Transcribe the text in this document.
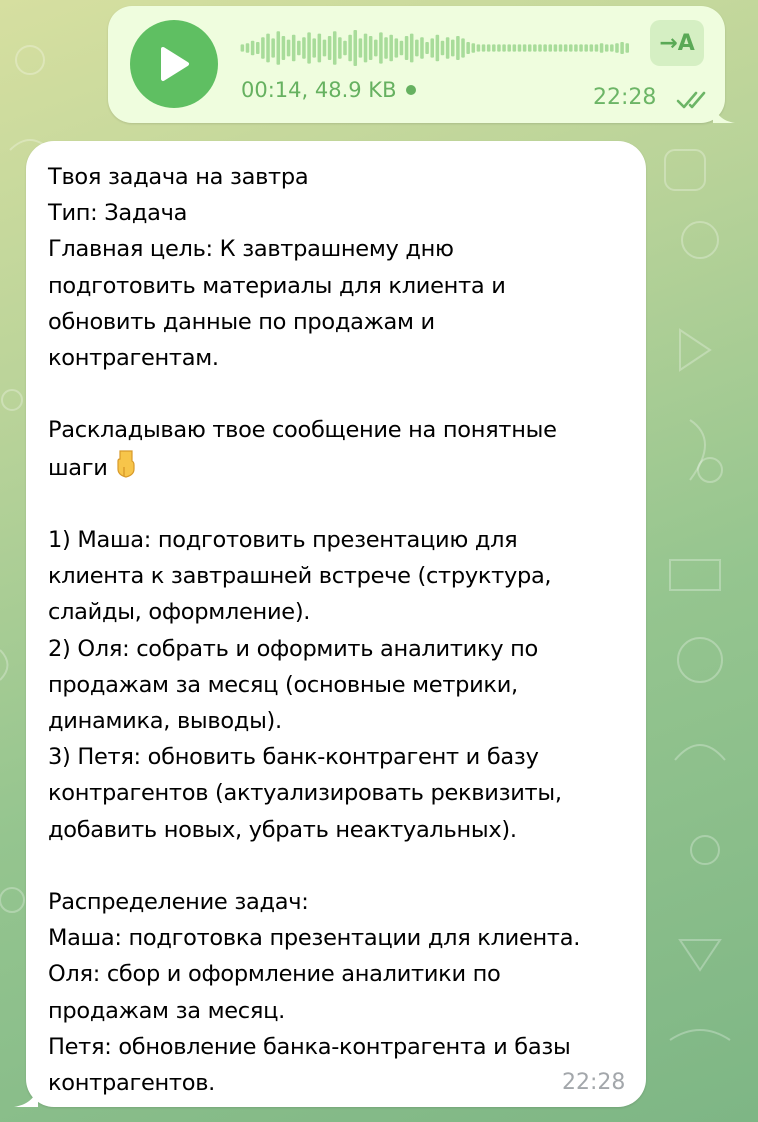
00:14, 48.9 KB
→A
22:28
Твоя задача на завтра
Тип: Задача
Главная цель: К завтрашнему дню
подготовить материалы для клиента и
обновить данные по продажам и
контрагентам.

Раскладываю твое сообщение на понятные
шаги

1) Маша: подготовить презентацию для
клиента к завтрашней встрече (структура,
слайды, оформление).
2) Оля: собрать и оформить аналитику по
продажам за месяц (основные метрики,
динамика, выводы).
3) Петя: обновить банк-контрагент и базу
контрагентов (актуализировать реквизиты,
добавить новых, убрать неактуальных).

Распределение задач:
Маша: подготовка презентации для клиента.
Оля: сбор и оформление аналитики по
продажам за месяц.
Петя: обновление банка-контрагента и базы
контрагентов.	22:28
